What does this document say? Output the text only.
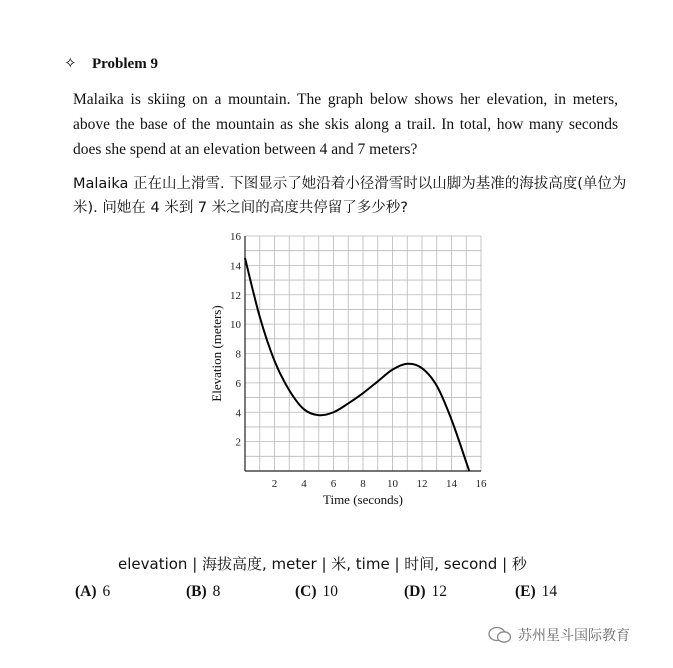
✧ Problem 9
Malaika is skiing on a mountain. The graph below shows her elevation, in meters, above the base of the mountain as she skis along a trail. In total, how many seconds does she spend at an elevation between 4 and 7 meters?
Malaika 正在山上滑雪. 下图显示了她沿着小径滑雪时以山脚为基准的海拔高度(单位为米). 问她在 4 米到 7 米之间的高度共停留了多少秒?
2 4 6 8 10 12 14 16
2
4
6
8
10
12
14
16
Time (seconds)
Elevation (meters)
elevation | 海拔高度, meter | 米, time | 时间, second | 秒
(A) 6	(B) 8	(C) 10	(D) 12	(E) 14
苏州星斗国际教育
